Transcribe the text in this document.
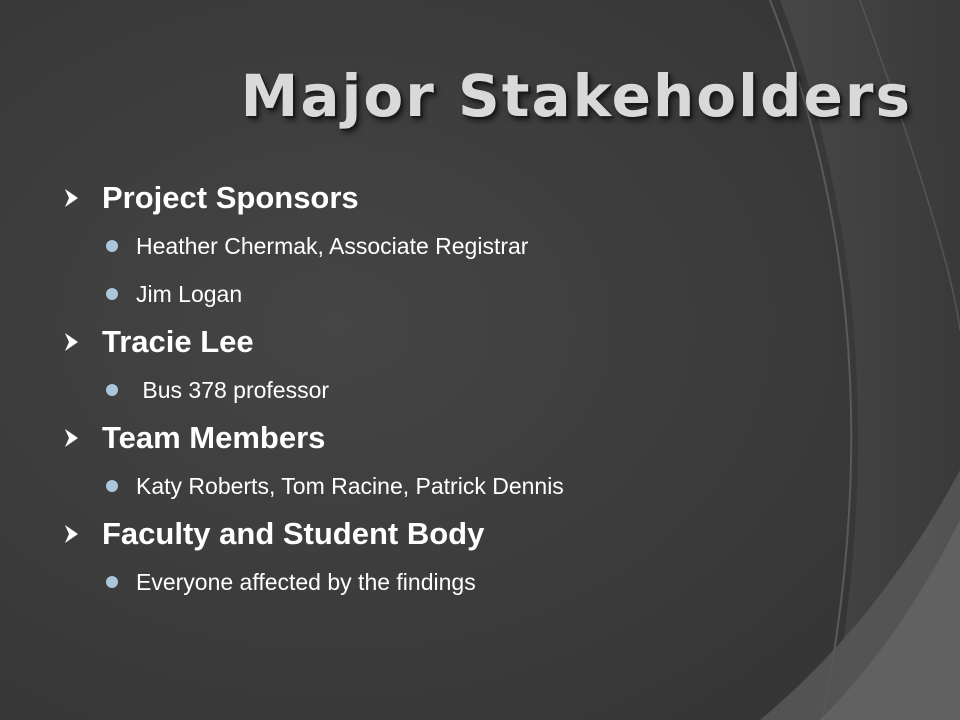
Major Stakeholders
Project Sponsors
Heather Chermak, Associate Registrar
Jim Logan
Tracie Lee
Bus 378 professor
Team Members
Katy Roberts, Tom Racine, Patrick Dennis
Faculty and Student Body
Everyone affected by the findings
